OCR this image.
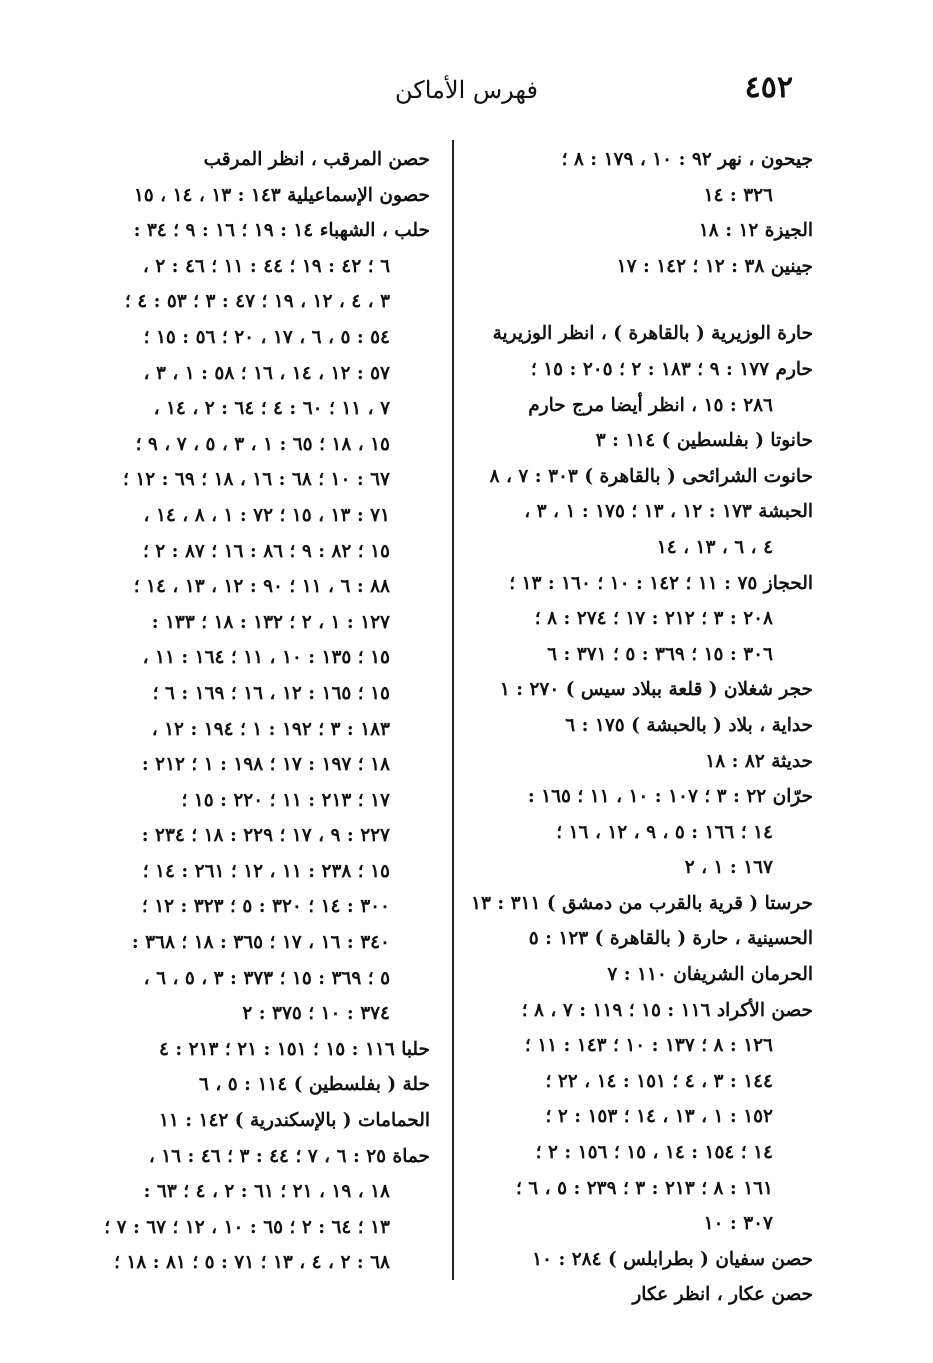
٤٥٢
فهرس الأماكن
جيحون ، نهر ٩٢ : ١٠ ، ١٧٩ : ٨ ؛
٣٢٦ : ١٤
الجيزة ١٢ : ١٨
جينين ٣٨ : ١٢ ؛ ١٤٢ : ١٧
حارة الوزيرية ( بالقاهرة ) ، انظر الوزيرية
حارم ١٧٧ : ٩ ؛ ١٨٣ : ٢ ؛ ٢٠٥ : ١٥ ؛
٢٨٦ : ١٥ ، انظر أيضا مرج حارم
حانوتا ( بفلسطين ) ١١٤ : ٣
حانوت الشرائحى ( بالقاهرة ) ٣٠٣ : ٧ ، ٨
الحبشة ١٧٣ : ١٢ ، ١٣ ؛ ١٧٥ : ١ ، ٣ ،
٤ ، ٦ ، ١٣ ، ١٤
الحجاز ٧٥ : ١١ ؛ ١٤٢ : ١٠ ؛ ١٦٠ : ١٣ ؛
٢٠٨ : ٣ ؛ ٢١٢ : ١٧ ؛ ٢٧٤ : ٨ ؛
٣٠٦ : ١٥ ؛ ٣٦٩ : ٥ ؛ ٣٧١ : ٦
حجر شغلان ( قلعة ببلاد سيس ) ٢٧٠ : ١
حداية ، بلاد ( بالحبشة ) ١٧٥ : ٦
حديثة ٨٢ : ١٨
حرّان ٢٢ : ٣ ؛ ١٠٧ : ١٠ ، ١١ ؛ ١٦٥ :
١٤ ؛ ١٦٦ : ٥ ، ٩ ، ١٢ ، ١٦ ؛
١٦٧ : ١ ، ٢
حرستا ( قرية بالقرب من دمشق ) ٣١١ : ١٣
الحسينية ، حارة ( بالقاهرة ) ١٢٣ : ٥
الحرمان الشريفان ١١٠ : ٧
حصن الأكراد ١١٦ : ١٥ ؛ ١١٩ : ٧ ، ٨ ؛
١٢٦ : ٨ ؛ ١٣٧ : ١٠ ؛ ١٤٣ : ١١ ؛
١٤٤ : ٣ ، ٤ ؛ ١٥١ : ١٤ ، ٢٢ ؛
١٥٢ : ١ ، ١٣ ، ١٤ ؛ ١٥٣ : ٢ ؛
١٤ ؛ ١٥٤ : ١٤ ، ١٥ ؛ ١٥٦ : ٢ ؛
١٦١ : ٨ ؛ ٢١٣ : ٣ ؛ ٢٣٩ : ٥ ، ٦ ؛
٣٠٧ : ١٠
حصن سفيان ( بطرابلس ) ٢٨٤ : ١٠
حصن عكار ، انظر عكار
حصن المرقب ، انظر المرقب
حصون الإسماعيلية ١٤٣ : ١٣ ، ١٤ ، ١٥
حلب ، الشهباء ١٤ : ١٩ ؛ ١٦ : ٩ ؛ ٣٤ :
٦ ؛ ٤٢ : ١٩ ؛ ٤٤ : ١١ ؛ ٤٦ : ٢ ،
٣ ، ٤ ، ١٢ ، ١٩ ؛ ٤٧ : ٣ ؛ ٥٣ : ٤ ؛
٥٤ : ٥ ، ٦ ، ١٧ ، ٢٠ ؛ ٥٦ : ١٥ ؛
٥٧ : ١٢ ، ١٤ ، ١٦ ؛ ٥٨ : ١ ، ٣ ،
٧ ، ١١ ؛ ٦٠ : ٤ ؛ ٦٤ : ٢ ، ١٤ ،
١٥ ، ١٨ ؛ ٦٥ : ١ ، ٣ ، ٥ ، ٧ ، ٩ ؛
٦٧ : ١٠ ؛ ٦٨ : ١٦ ، ١٨ ؛ ٦٩ : ١٢ ؛
٧١ : ١٣ ، ١٥ ؛ ٧٢ : ١ ، ٨ ، ١٤ ،
١٥ ؛ ٨٢ : ٩ ؛ ٨٦ : ١٦ ؛ ٨٧ : ٢ ؛
٨٨ : ٦ ، ١١ ؛ ٩٠ : ١٢ ، ١٣ ، ١٤ ؛
١٢٧ : ١ ، ٢ ؛ ١٣٢ : ١٨ ؛ ١٣٣ :
١٥ ؛ ١٣٥ : ١٠ ، ١١ ؛ ١٦٤ : ١١ ،
١٥ ؛ ١٦٥ : ١٢ ، ١٦ ؛ ١٦٩ : ٦ ؛
١٨٣ : ٣ ؛ ١٩٢ : ١ ؛ ١٩٤ : ١٢ ،
١٨ ؛ ١٩٧ : ١٧ ؛ ١٩٨ : ١ ؛ ٢١٢ :
١٧ ؛ ٢١٣ : ١١ ؛ ٢٢٠ : ١٥ ؛
٢٢٧ : ٩ ، ١٧ ؛ ٢٢٩ : ١٨ ؛ ٢٣٤ :
١٥ ؛ ٢٣٨ : ١١ ، ١٢ ؛ ٢٦١ : ١٤ ؛
٣٠٠ : ١٤ ؛ ٣٢٠ : ٥ ؛ ٣٢٣ : ١٢ ؛
٣٤٠ : ١٦ ، ١٧ ؛ ٣٦٥ : ١٨ ؛ ٣٦٨ :
٥ ؛ ٣٦٩ : ١٥ ؛ ٣٧٣ : ٣ ، ٥ ، ٦ ،
٣٧٤ : ١٠ ؛ ٣٧٥ : ٢
حلبا ١١٦ : ١٥ ؛ ١٥١ : ٢١ ؛ ٢١٣ : ٤
حلة ( بفلسطين ) ١١٤ : ٥ ، ٦
الحمامات ( بالإسكندرية ) ١٤٢ : ١١
حماة ٢٥ : ٦ ، ٧ ؛ ٤٤ : ٣ ؛ ٤٦ : ١٦ ،
١٨ ، ١٩ ، ٢١ ؛ ٦١ : ٢ ، ٤ ؛ ٦٣ :
١٣ ؛ ٦٤ : ٢ ؛ ٦٥ : ١٠ ، ١٢ ؛ ٦٧ : ٧ ؛
٦٨ : ٢ ، ٤ ، ١٣ ؛ ٧١ : ٥ ؛ ٨١ : ١٨ ؛
